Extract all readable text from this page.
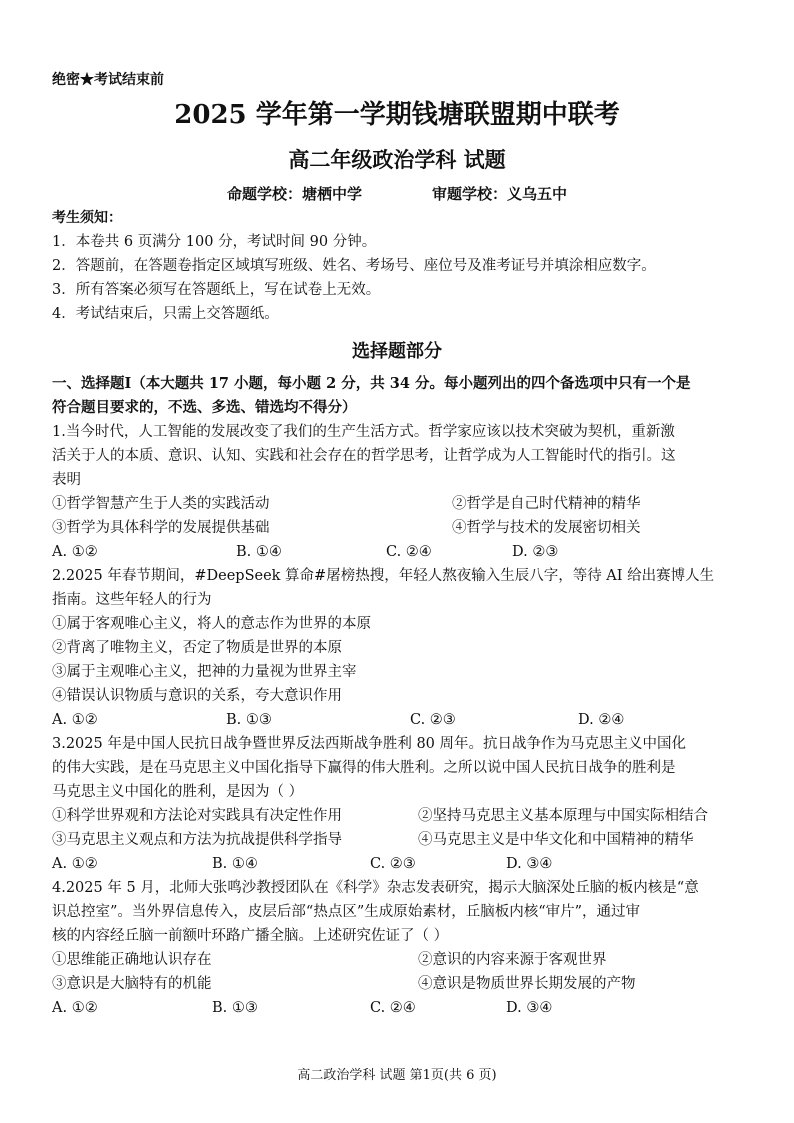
绝密★考试结束前
2025 学年第一学期钱塘联盟期中联考
高二年级政治学科 试题
命题学校：塘栖中学	审题学校：义乌五中
考生须知：
1．本卷共 6 页满分 100 分，考试时间 90 分钟。
2．答题前，在答题卷指定区域填写班级、姓名、考场号、座位号及准考证号并填涂相应数字。
3．所有答案必须写在答题纸上，写在试卷上无效。
4．考试结束后，只需上交答题纸。
选择题部分
一、选择题Ⅰ（本大题共 17 小题，每小题 2 分，共 34 分。每小题列出的四个备选项中只有一个是
符合题目要求的，不选、多选、错选均不得分）
1.当今时代，人工智能的发展改变了我们的生产生活方式。哲学家应该以技术突破为契机，重新激
活关于人的本质、意识、认知、实践和社会存在的哲学思考，让哲学成为人工智能时代的指引。这
表明
①哲学智慧产生于人类的实践活动	②哲学是自己时代精神的精华
③哲学为具体科学的发展提供基础	④哲学与技术的发展密切相关
A. ①②	B. ①④	C. ②④	D. ②③
2.2025 年春节期间，#DeepSeek 算命#屠榜热搜，年轻人熬夜输入生辰八字，等待 AI 给出赛博人生
指南。这些年轻人的行为
①属于客观唯心主义，将人的意志作为世界的本原
②背离了唯物主义，否定了物质是世界的本原
③属于主观唯心主义，把神的力量视为世界主宰
④错误认识物质与意识的关系，夸大意识作用
A. ①②	B. ①③	C. ②③	D. ②④
3.2025 年是中国人民抗日战争暨世界反法西斯战争胜利 80 周年。抗日战争作为马克思主义中国化
的伟大实践，是在马克思主义中国化指导下赢得的伟大胜利。之所以说中国人民抗日战争的胜利是
马克思主义中国化的胜利，是因为（ ）
①科学世界观和方法论对实践具有决定性作用	②坚持马克思主义基本原理与中国实际相结合
③马克思主义观点和方法为抗战提供科学指导	④马克思主义是中华文化和中国精神的精华
A. ①②	B. ①④	C. ②③	D. ③④
4.2025 年 5 月，北师大张鸣沙教授团队在《科学》杂志发表研究，揭示大脑深处丘脑的板内核是“意
识总控室”。当外界信息传入，皮层后部“热点区”生成原始素材，丘脑板内核“审片”，通过审
核的内容经丘脑一前额叶环路广播全脑。上述研究佐证了（ ）
①思维能正确地认识存在	②意识的内容来源于客观世界
③意识是大脑特有的机能	④意识是物质世界长期发展的产物
A. ①②	B. ①③	C. ②④	D. ③④
高二政治学科 试题 第1页(共 6 页)
